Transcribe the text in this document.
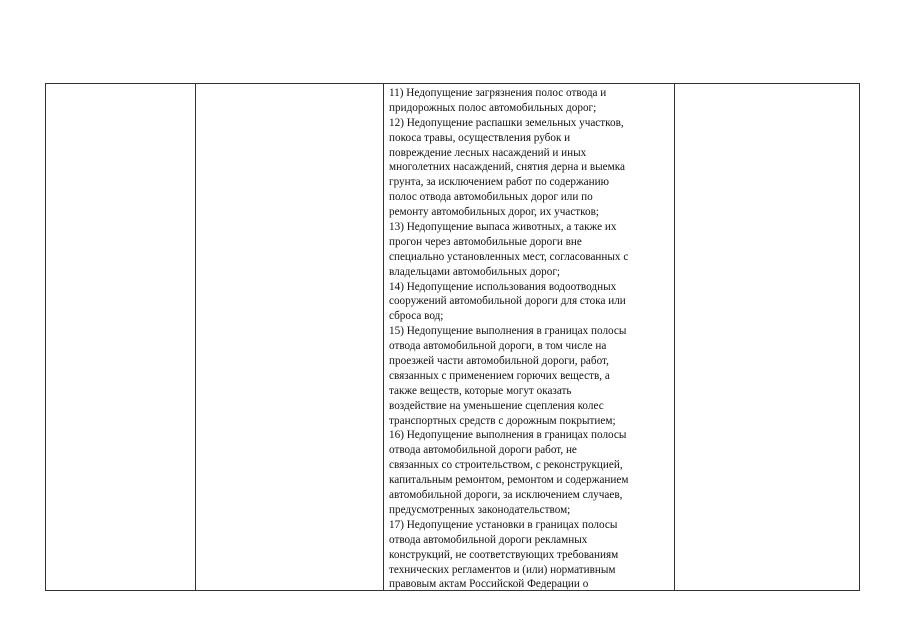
11) Недопущение загрязнения полос отвода и
придорожных полос автомобильных дорог;
12) Недопущение распашки земельных участков,
покоса травы, осуществления рубок и
повреждение лесных насаждений и иных
многолетних насаждений, снятия дерна и выемка
грунта, за исключением работ по содержанию
полос отвода автомобильных дорог или по
ремонту автомобильных дорог, их участков;
13) Недопущение выпаса животных, а также их
прогон через автомобильные дороги вне
специально установленных мест, согласованных с
владельцами автомобильных дорог;
14) Недопущение использования водоотводных
сооружений автомобильной дороги для стока или
сброса вод;
15) Недопущение выполнения в границах полосы
отвода автомобильной дороги, в том числе на
проезжей части автомобильной дороги, работ,
связанных с применением горючих веществ, а
также веществ, которые могут оказать
воздействие на уменьшение сцепления колес
транспортных средств с дорожным покрытием;
16) Недопущение выполнения в границах полосы
отвода автомобильной дороги работ, не
связанных со строительством, с реконструкцией,
капитальным ремонтом, ремонтом и содержанием
автомобильной дороги, за исключением случаев,
предусмотренных законодательством;
17) Недопущение установки в границах полосы
отвода автомобильной дороги рекламных
конструкций, не соответствующих требованиям
технических регламентов и (или) нормативным
правовым актам Российской Федерации о
